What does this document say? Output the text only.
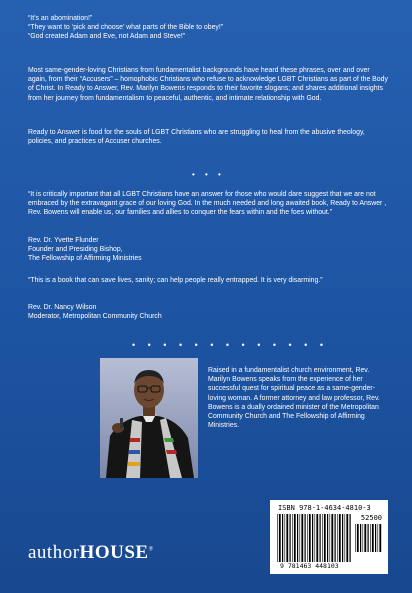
“It’s an abomination!”
“They want to ‘pick and choose’ what parts of the Bible to obey!”
“God created Adam and Eve, not Adam and Steve!”
Most same-gender-loving Christians from fundamentalist backgrounds have heard these phrases, over and over again, from their “Accusers” – homophobic Christians who refuse to acknowledge LGBT Christians as part of the Body of Christ. In Ready to Answer, Rev. Marilyn Bowens responds to their favorite slogans; and shares additional insights from her journey from fundamentalism to peaceful, authentic, and intimate relationship with God.
Ready to Answer is food for the souls of LGBT Christians who are struggling to heal from the abusive theology, policies, and practices of Accuser churches.
• • •
“It is critically important that all LGBT Christians have an answer for those who would dare suggest that we are not embraced by the extravagant grace of our loving God. In the much needed and long awaited book, Ready to Answer , Rev. Bowens will enable us, our families and allies to conquer the fears within and the foes without.”
Rev. Dr. Yvette Flunder
Founder and Presiding Bishop,
The Fellowship of Affirming Ministries
“This is a book that can save lives, sanity; can help people really entrapped. It is very disarming.”
Rev. Dr. Nancy Wilson
Moderator, Metropolitan Community Church
• • • • • • • • • • • • •
Raised in a fundamentalist church environment, Rev. Marilyn Bowens speaks from the experience of her successful quest for spiritual peace as a same-gender-loving woman. A former attorney and law professor, Rev. Bowens is a dually ordained minister of the Metropolitan Community Church and The Fellowship of Affirming Ministries.
ISBN 978-1-4634-4810-3
52500
9 781463 448103
authorHOUSE®
